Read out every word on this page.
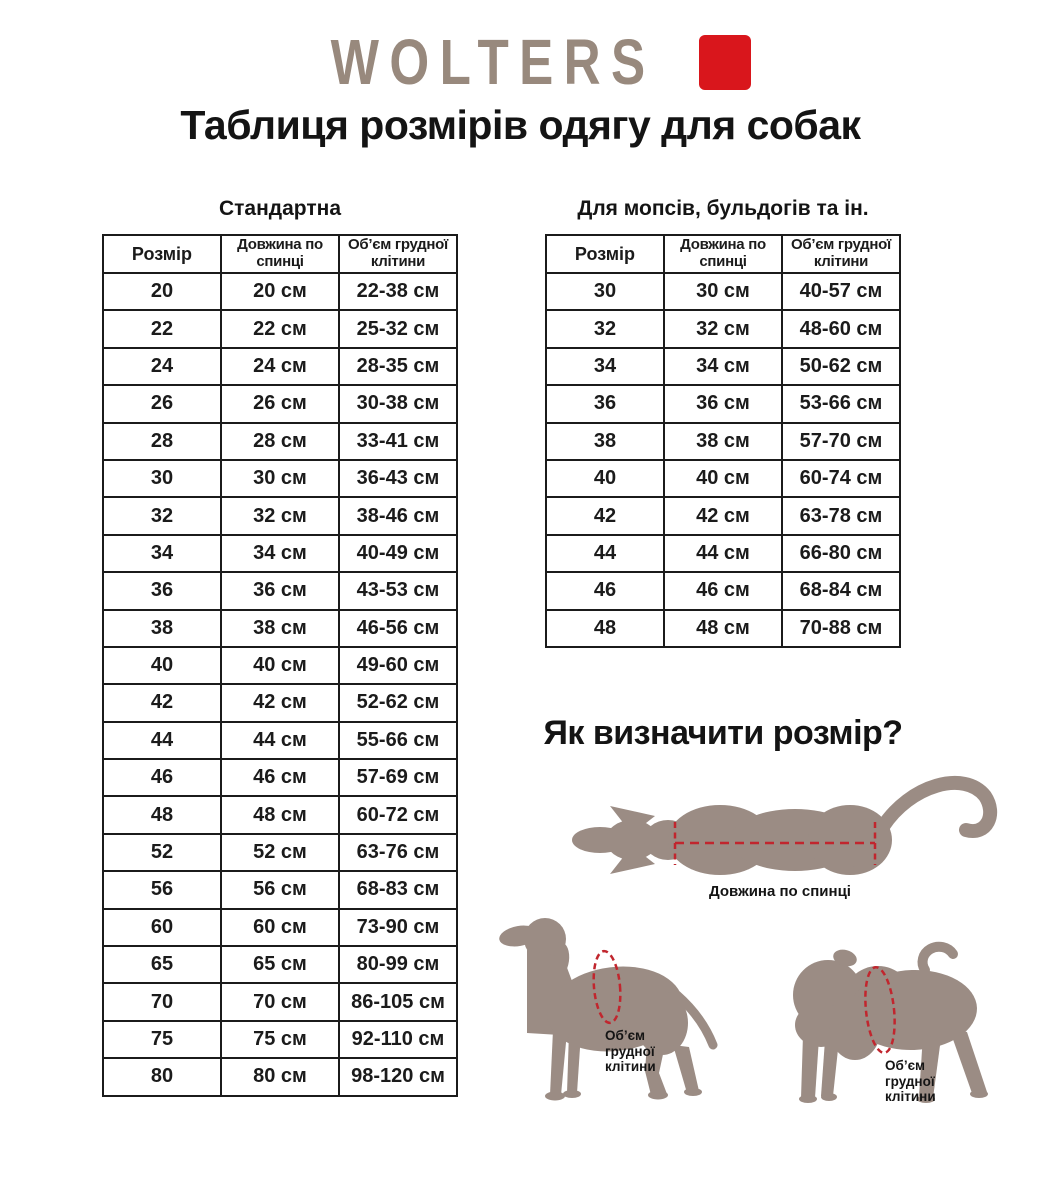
WOLTERS
Таблиця розмірів одягу для собак
Стандартна
Розмір	Довжина по спинці	Об’єм грудної клітини
20	20 см	22-38 см
22	22 см	25-32 см
24	24 см	28-35 см
26	26 см	30-38 см
28	28 см	33-41 см
30	30 см	36-43 см
32	32 см	38-46 см
34	34 см	40-49 см
36	36 см	43-53 см
38	38 см	46-56 см
40	40 см	49-60 см
42	42 см	52-62 см
44	44 см	55-66 см
46	46 см	57-69 см
48	48 см	60-72 см
52	52 см	63-76 см
56	56 см	68-83 см
60	60 см	73-90 см
65	65 см	80-99 см
70	70 см	86-105 см
75	75 см	92-110 см
80	80 см	98-120 см
Для мопсів, бульдогів та ін.
Розмір	Довжина по спинці	Об’єм грудної клітини
30	30 см	40-57 см
32	32 см	48-60 см
34	34 см	50-62 см
36	36 см	53-66 см
38	38 см	57-70 см
40	40 см	60-74 см
42	42 см	63-78 см
44	44 см	66-80 см
46	46 см	68-84 см
48	48 см	70-88 см
Як визначити розмір?
Довжина по спинці
Об’єм грудної клітини	Об’єм грудної клітини
